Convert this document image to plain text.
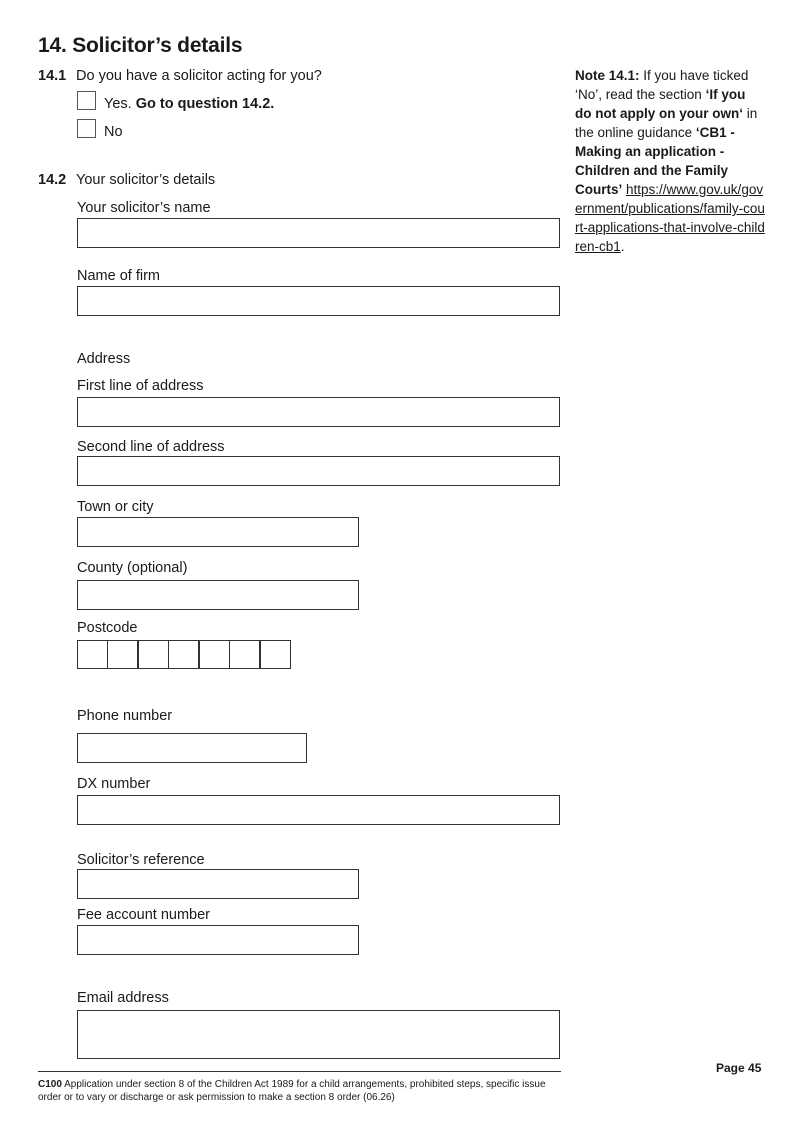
14. Solicitor’s details
14.1 Do you have a solicitor acting for you?
Yes. Go to question 14.2.
No
14.2 Your solicitor’s details
Your solicitor’s name
Name of firm
Address
First line of address
Second line of address
Town or city
County (optional)
Postcode
Phone number
DX number
Solicitor’s reference
Fee account number
Email address
Note 14.1: If you have ticked ‘No’, read the section ‘If you do not apply on your own‘ in the online guidance ‘CB1 - Making an application - Children and the Family Courts’ https://www.gov.uk/government/publications/family-court-applications-that-involve-children-cb1.
C100 Application under section 8 of the Children Act 1989 for a child arrangements, prohibited steps, specific issue order or to vary or discharge or ask permission to make a section 8 order (06.26)
Page 45
